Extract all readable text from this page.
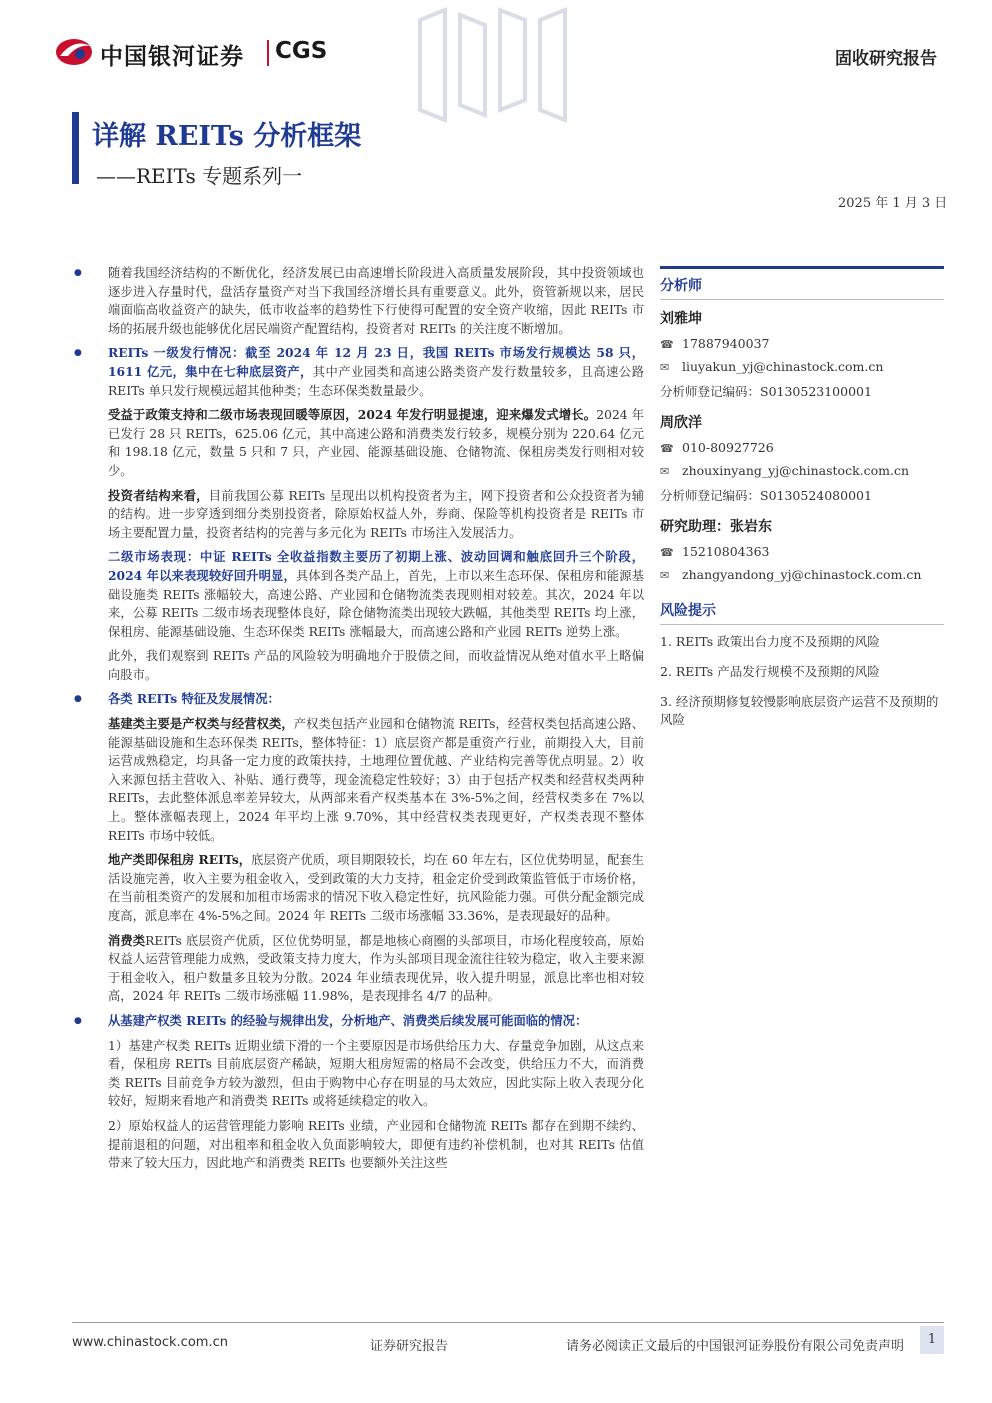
中国银河证券 CGS	固收研究报告
详解 REITs 分析框架
——REITs 专题系列一
2025 年 1 月 3 日

● 随着我国经济结构的不断优化，经济发展已由高速增长阶段进入高质量发展阶段，其中投资领域也逐步进入存量时代，盘活存量资产对当下我国经济增长具有重要意义。此外，资管新规以来，居民端面临高收益资产的缺失，低市收益率的趋势性下行使得可配置的安全资产收缩，因此 REITs 市场的拓展升级也能够优化居民端资产配置结构，投资者对 REITs 的关注度不断增加。

● REITs 一级发行情况：截至 2024 年 12 月 23 日，我国 REITs 市场发行规模达 58 只，1611 亿元，集中在七种底层资产，其中产业园类和高速公路类资产发行数量较多，且高速公路 REITs 单只发行规模远超其他种类；生态环保类数量最少。

受益于政策支持和二级市场表现回暖等原因，2024 年发行明显提速，迎来爆发式增长。2024 年已发行 28 只 REITs，625.06 亿元，其中高速公路和消费类发行较多，规模分别为 220.64 亿元和 198.18 亿元，数量 5 只和 7 只，产业园、能源基础设施、仓储物流、保租房类发行则相对较少。

投资者结构来看，目前我国公募 REITs 呈现出以机构投资者为主，网下投资者和公众投资者为辅的结构。进一步穿透到细分类别投资者，除原始权益人外，券商、保险等机构投资者是 REITs 市场主要配置力量，投资者结构的完善与多元化为 REITs 市场注入发展活力。

二级市场表现：中证 REITs 全收益指数主要历了初期上涨、波动回调和触底回升三个阶段，2024 年以来表现较好回升明显，具体到各类产品上，首先，上市以来生态环保、保租房和能源基础设施类 REITs 涨幅较大，高速公路、产业园和仓储物流类表现则相对较差。其次，2024 年以来，公募 REITs 二级市场表现整体良好，除仓储物流类出现较大跌幅，其他类型 REITs 均上涨，保租房、能源基础设施、生态环保类 REITs 涨幅最大，而高速公路和产业园 REITs 逆势上涨。

此外，我们观察到 REITs 产品的风险较为明确地介于股债之间，而收益情况从绝对值水平上略偏向股市。

● 各类 REITs 特征及发展情况：

基建类主要是产权类与经营权类，产权类包括产业园和仓储物流 REITs，经营权类包括高速公路、能源基础设施和生态环保类 REITs，整体特征：1）底层资产都是重资产行业，前期投入大，目前运营成熟稳定，均具备一定力度的政策扶持，土地理位置优越、产业结构完善等优点明显。2）收入来源包括主营收入、补贴、通行费等，现金流稳定性较好；3）由于包括产权类和经营权类两种 REITs，去此整体派息率差异较大，从两部来看产权类基本在 3%-5%之间，经营权类多在 7%以上。整体涨幅表现上，2024 年平均上涨 9.70%，其中经营权类表现更好，产权类表现不整体 REITs 市场中较低。

地产类即保租房 REITs，底层资产优质，项目期限较长，均在 60 年左右，区位优势明显，配套生活设施完善，收入主要为租金收入，受到政策的大力支持，租金定价受到政策监管低于市场价格，在当前租类资产的发展和加租市场需求的情况下收入稳定性好，抗风险能力强。可供分配金额完成度高，派息率在 4%-5%之间。2024 年 REITs 二级市场涨幅 33.36%，是表现最好的品种。

消费类REITs 底层资产优质，区位优势明显，都是地核心商圈的头部项目，市场化程度较高，原始权益人运营管理能力成熟，受政策支持力度大，作为头部项目现金流往往较为稳定，收入主要来源于租金收入，租户数量多且较为分散。2024 年业绩表现优异，收入提升明显，派息比率也相对较高，2024 年 REITs 二级市场涨幅 11.98%，是表现排名 4/7 的品种。

● 从基建产权类 REITs 的经验与规律出发，分析地产、消费类后续发展可能面临的情况：

1）基建产权类 REITs 近期业绩下滑的一个主要原因是市场供给压力大、存量竞争加剧，从这点来看，保租房 REITs 目前底层资产稀缺，短期大租房短需的格局不会改变，供给压力不大，而消费类 REITs 目前竞争方较为激烈，但由于购物中心存在明显的马太效应，因此实际上收入表现分化较好，短期来看地产和消费类 REITs 或将延续稳定的收入。

2）原始权益人的运营管理能力影响 REITs 业绩，产业园和仓储物流 REITs 都存在到期不续约、提前退租的问题，对出租率和租金收入负面影响较大，即便有违约补偿机制，也对其 REITs 估值带来了较大压力，因此地产和消费类 REITs 也要额外关注这些

分析师
刘雅坤
☎ 17887940037
✉ liuyakun_yj@chinastock.com.cn
分析师登记编码：S0130523100001
周欣洋
☎ 010-80927726
✉ zhouxinyang_yj@chinastock.com.cn
分析师登记编码：S0130524080001
研究助理：张岩东
☎ 15210804363
✉ zhangyandong_yj@chinastock.com.cn
风险提示
1. REITs 政策出台力度不及预期的风险
2. REITs 产品发行规模不及预期的风险
3. 经济预期修复较慢影响底层资产运营不及预期的风险
www.chinastock.com.cn	证券研究报告	请务必阅读正文最后的中国银河证券股份有限公司免责声明	1
